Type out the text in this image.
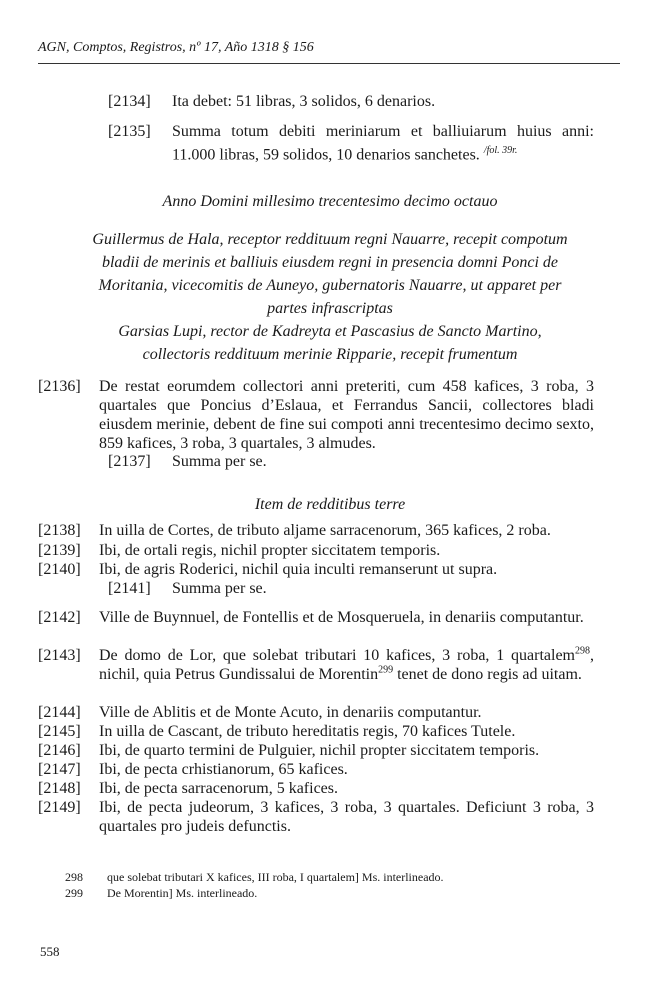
AGN, Comptos, Registros, nº 17, Año 1318 § 156
[2134] Ita debet: 51 libras, 3 solidos, 6 denarios.
[2135] Summa totum debiti meriniarum et balliuiarum huius anni: 11.000 libras, 59 solidos, 10 denarios sanchetes. $^{/fol. 39r.}$
Anno Domini millesimo trecentesimo decimo octauo
Guillermus de Hala, receptor reddituum regni Nauarre, recepit compotum bladii de merinis et balliuis eiusdem regni in presencia domni Ponci de Moritania, vicecomitis de Auneyo, gubernatoris Nauarre, ut apparet per partes infrascriptas
Garsias Lupi, rector de Kadreyta et Pascasius de Sancto Martino, collectoris reddituum merinie Ripparie, recepit frumentum
[2136] De restat eorumdem collectori anni preteriti, cum 458 kafices, 3 roba, 3 quartales que Poncius d’Eslaua, et Ferrandus Sancii, collectores bladi eiusdem merinie, debent de fine sui compoti anni trecentesimo decimo sexto, 859 kafices, 3 roba, 3 quartales, 3 almudes.
[2137] Summa per se.
Item de redditibus terre
[2138] In uilla de Cortes, de tributo aljame sarracenorum, 365 kafices, 2 roba.
[2139] Ibi, de ortali regis, nichil propter siccitatem temporis.
[2140] Ibi, de agris Roderici, nichil quia inculti remanserunt ut supra.
[2141] Summa per se.
[2142] Ville de Buynnuel, de Fontellis et de Mosqueruela, in denariis computantur.
[2143] De domo de Lor, que solebat tributari 10 kafices, 3 roba, 1 quartalem$^{298}$, nichil, quia Petrus Gundissalui de Morentin$^{299}$ tenet de dono regis ad uitam.
[2144] Ville de Ablitis et de Monte Acuto, in denariis computantur.
[2145] In uilla de Cascant, de tributo hereditatis regis, 70 kafices Tutele.
[2146] Ibi, de quarto termini de Pulguier, nichil propter siccitatem temporis.
[2147] Ibi, de pecta crhistianorum, 65 kafices.
[2148] Ibi, de pecta sarracenorum, 5 kafices.
[2149] Ibi, de pecta judeorum, 3 kafices, 3 roba, 3 quartales. Deficiunt 3 roba, 3 quartales pro judeis defunctis.
298 que solebat tributari X kafices, III roba, I quartalem] Ms. interlineado.
299 De Morentin] Ms. interlineado.
558
